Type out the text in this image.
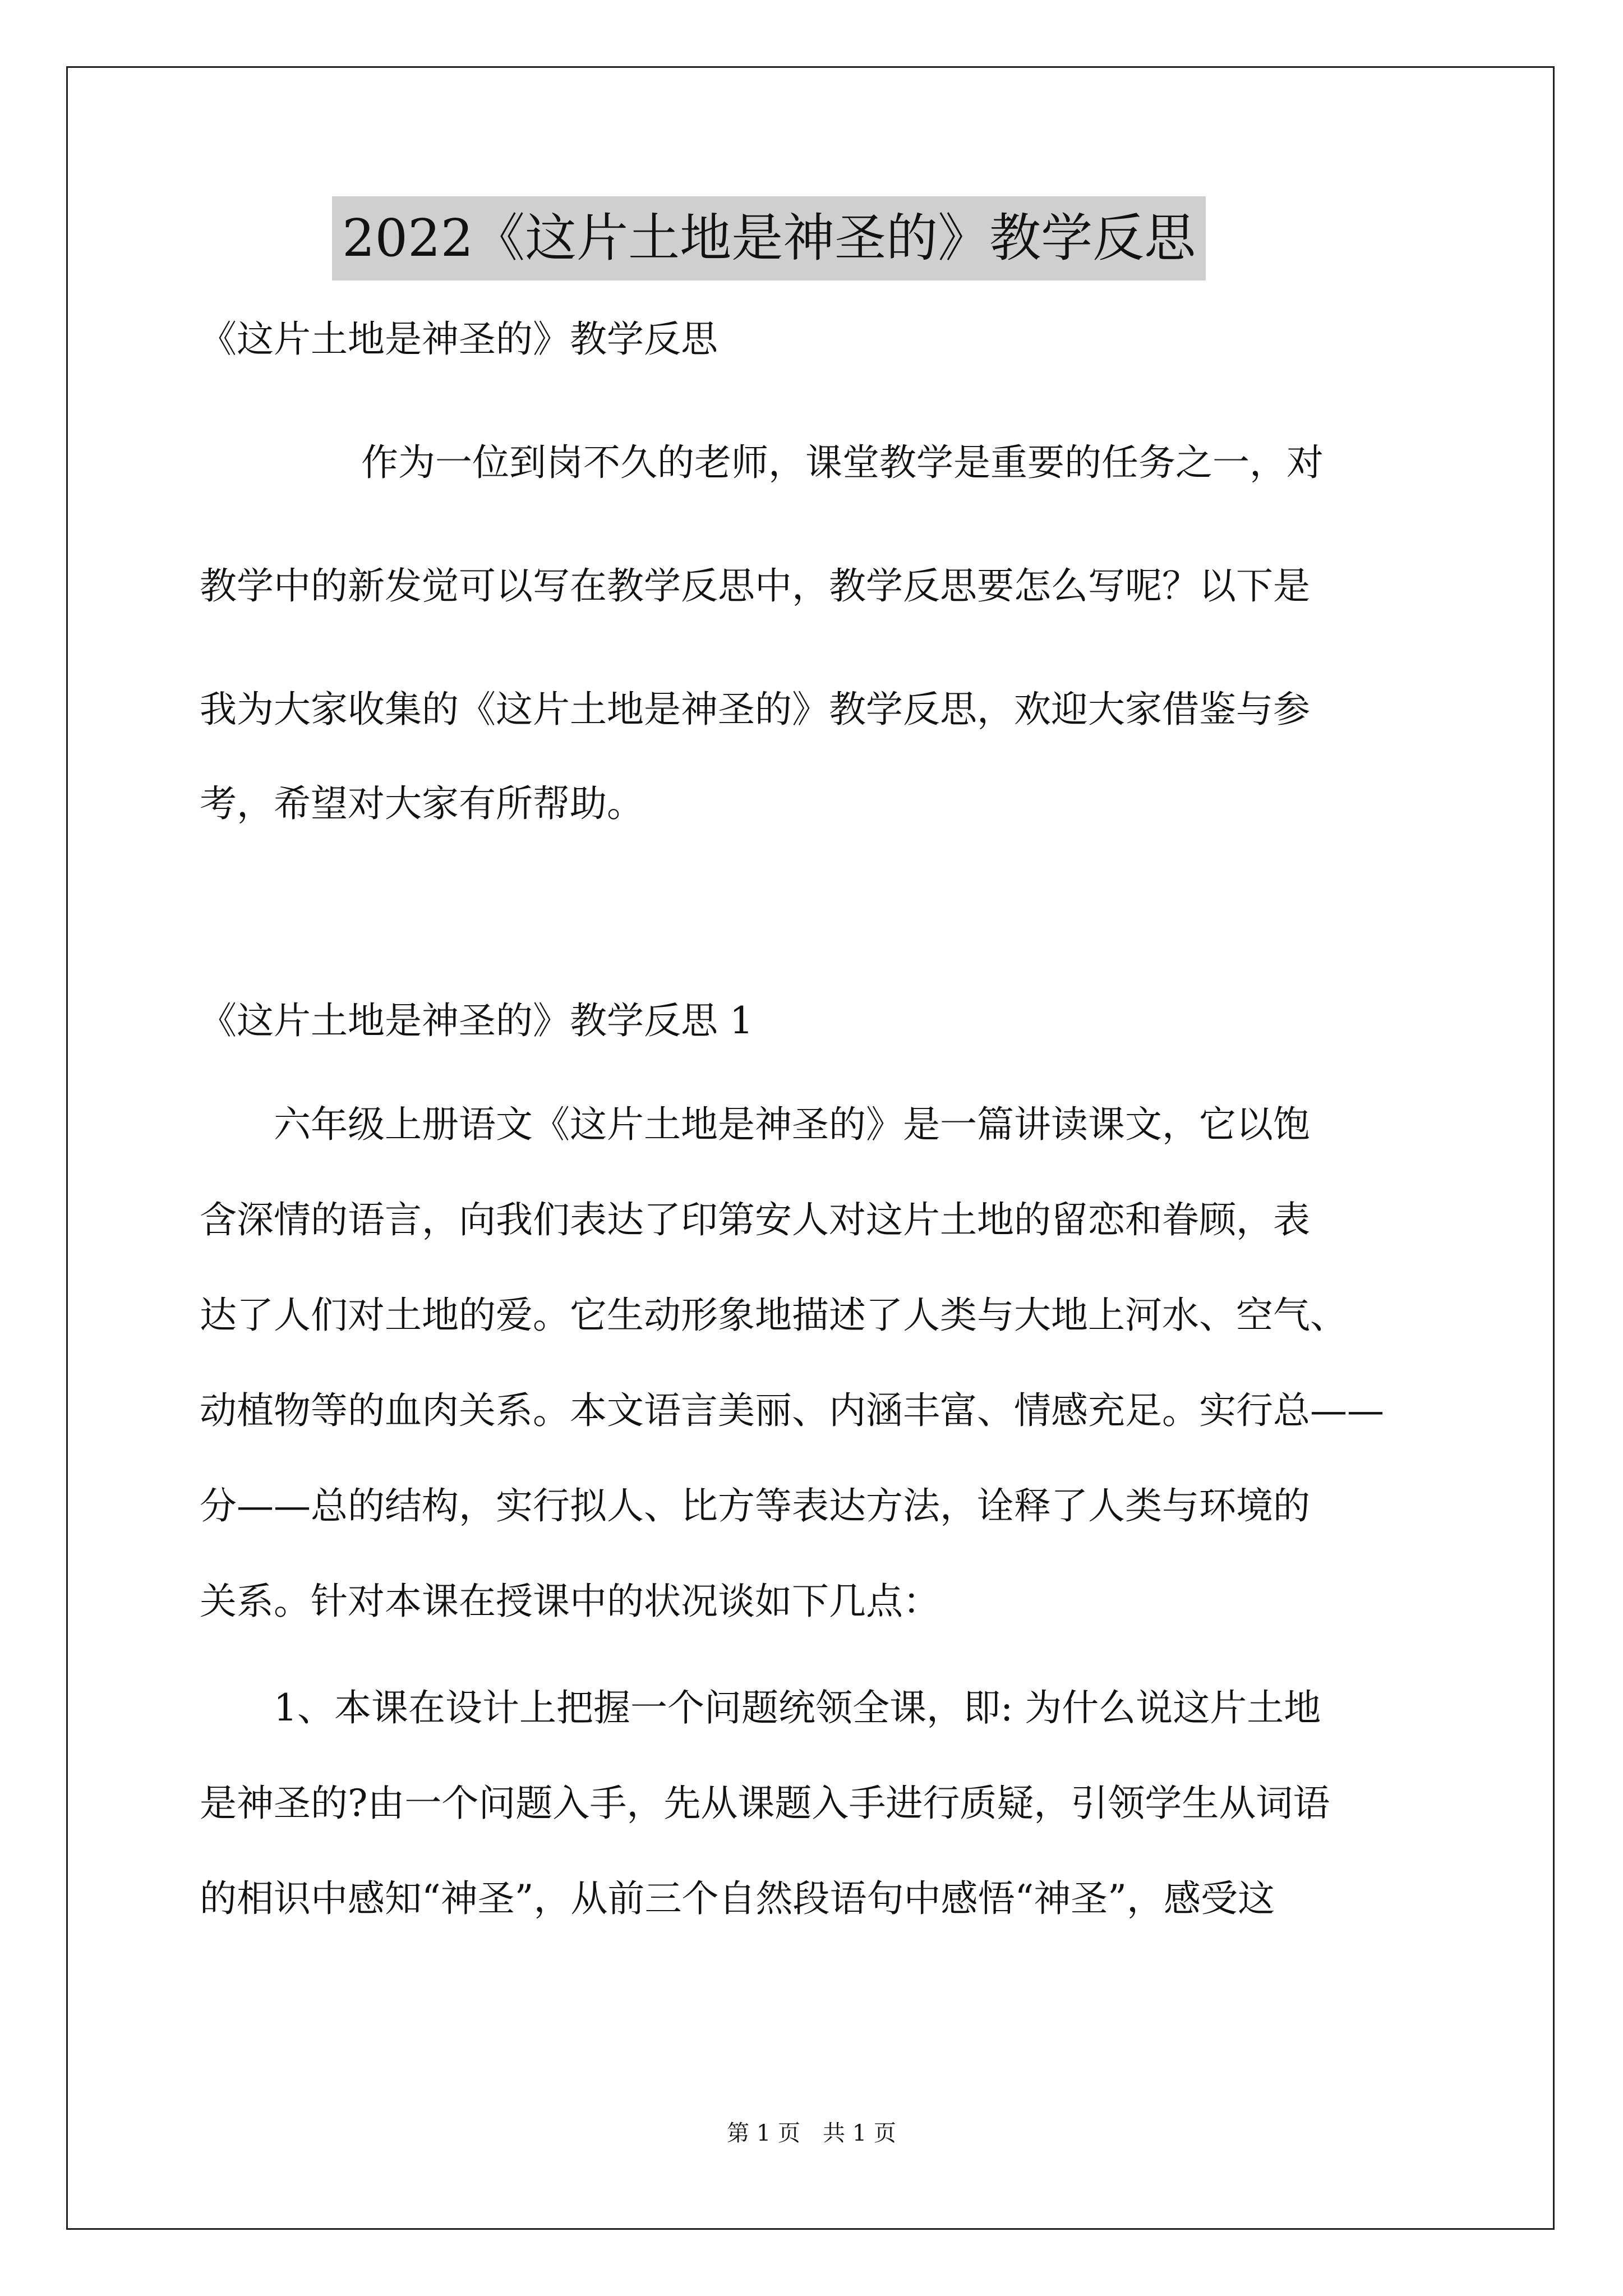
2022《这片土地是神圣的》教学反思
《这片土地是神圣的》教学反思
作为一位到岗不久的老师，课堂教学是重要的任务之一，对
教学中的新发觉可以写在教学反思中，教学反思要怎么写呢？以下是
我为大家收集的《这片土地是神圣的》教学反思，欢迎大家借鉴与参
考，希望对大家有所帮助。
《这片土地是神圣的》教学反思 1
六年级上册语文《这片土地是神圣的》是一篇讲读课文，它以饱
含深情的语言，向我们表达了印第安人对这片土地的留恋和眷顾，表
达了人们对土地的爱。它生动形象地描述了人类与大地上河水、空气、
动植物等的血肉关系。本文语言美丽、内涵丰富、情感充足。实行总——
分——总的结构，实行拟人、比方等表达方法，诠释了人类与环境的
关系。针对本课在授课中的状况谈如下几点：
1、本课在设计上把握一个问题统领全课，即: 为什么说这片土地
是神圣的?由一个问题入手，先从课题入手进行质疑，引领学生从词语
的相识中感知“神圣”，从前三个自然段语句中感悟“神圣”，感受这
第 1 页　共 1 页
